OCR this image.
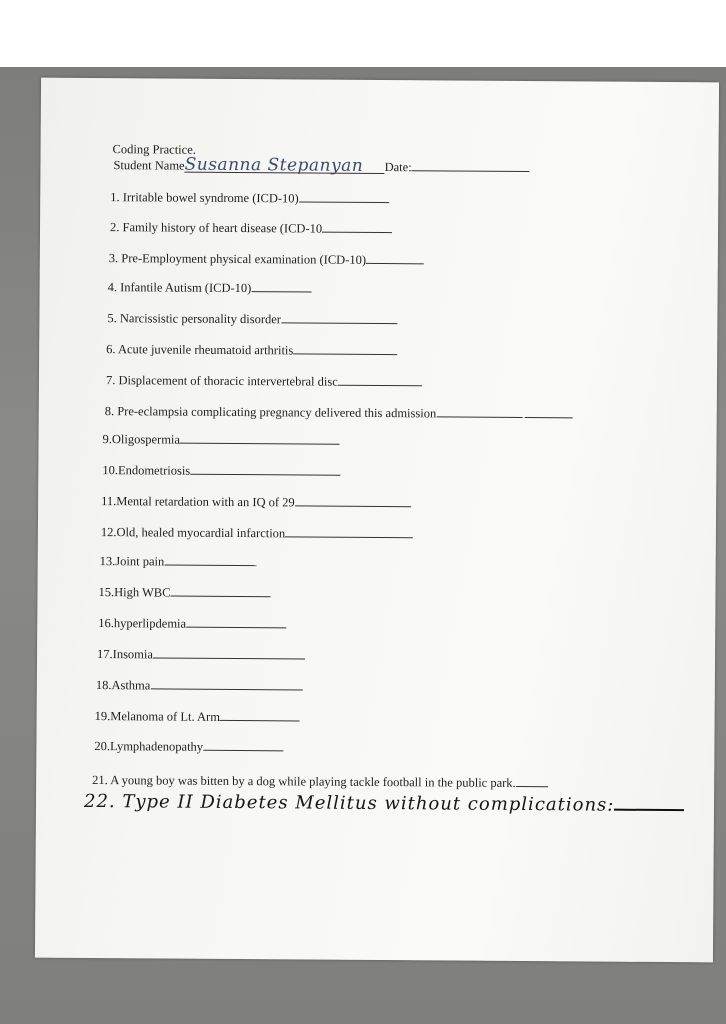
Coding Practice.
Student NameSusanna Stepanyan Date:
1. Irritable bowel syndrome (ICD-10)
2. Family history of heart disease (ICD-10
3. Pre-Employment physical examination (ICD-10)
4. Infantile Autism (ICD-10)
5. Narcissistic personality disorder
6. Acute juvenile rheumatoid arthritis
7. Displacement of thoracic intervertebral disc
8. Pre-eclampsia complicating pregnancy delivered this admission
9.Oligospermia
10.Endometriosis
11.Mental retardation with an IQ of 29
12.Old, healed myocardial infarction
13.Joint pain
15.High WBC
16.hyperlipdemia
17.Insomia
18.Asthma
19.Melanoma of Lt. Arm
20.Lymphadenopathy
21. A young boy was bitten by a dog while playing tackle football in the public park.
22. Type II Diabetes Mellitus without complications:
